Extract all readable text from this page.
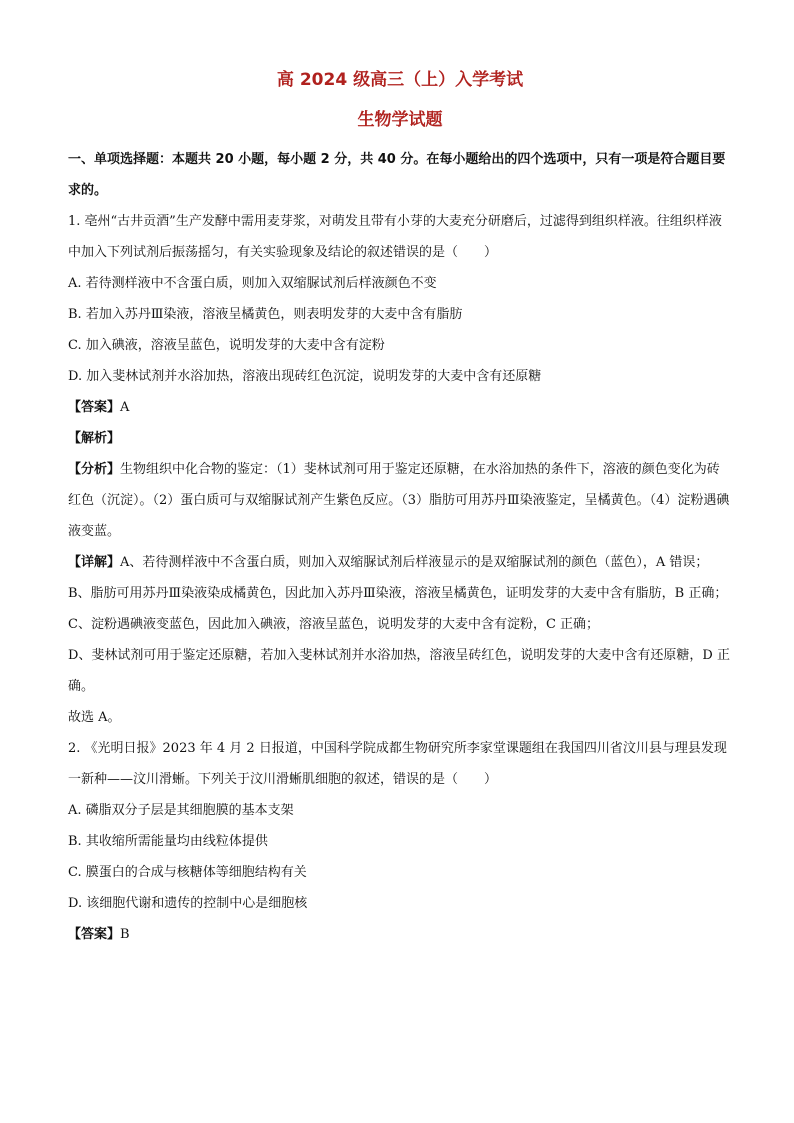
高 2024 级高三（上）入学考试
生物学试题

一、单项选择题：本题共 20 小题，每小题 2 分，共 40 分。在每小题给出的四个选项中，只有一项是符合题目要求的。

1. 亳州“古井贡酒”生产发酵中需用麦芽浆，对萌发且带有小芽的大麦充分研磨后，过滤得到组织样液。往组织样液中加入下列试剂后振荡摇匀，有关实验现象及结论的叙述错误的是（　　）

A. 若待测样液中不含蛋白质，则加入双缩脲试剂后样液颜色不变

B. 若加入苏丹Ⅲ染液，溶液呈橘黄色，则表明发芽的大麦中含有脂肪

C. 加入碘液，溶液呈蓝色，说明发芽的大麦中含有淀粉

D. 加入斐林试剂并水浴加热，溶液出现砖红色沉淀，说明发芽的大麦中含有还原糖

【答案】A

【解析】

【分析】生物组织中化合物的鉴定：（1）斐林试剂可用于鉴定还原糖，在水浴加热的条件下，溶液的颜色变化为砖红色（沉淀）。（2）蛋白质可与双缩脲试剂产生紫色反应。（3）脂肪可用苏丹Ⅲ染液鉴定，呈橘黄色。（4）淀粉遇碘液变蓝。

【详解】A、若待测样液中不含蛋白质，则加入双缩脲试剂后样液显示的是双缩脲试剂的颜色（蓝色），A 错误；

B、脂肪可用苏丹Ⅲ染液染成橘黄色，因此加入苏丹Ⅲ染液，溶液呈橘黄色，证明发芽的大麦中含有脂肪，B 正确；

C、淀粉遇碘液变蓝色，因此加入碘液，溶液呈蓝色，说明发芽的大麦中含有淀粉，C 正确；

D、斐林试剂可用于鉴定还原糖，若加入斐林试剂并水浴加热，溶液呈砖红色，说明发芽的大麦中含有还原糖，D 正确。

故选 A。

2. 《光明日报》2023 年 4 月 2 日报道，中国科学院成都生物研究所李家堂课题组在我国四川省汶川县与理县发现一新种——汶川滑蜥。下列关于汶川滑蜥肌细胞的叙述，错误的是（　　）

A. 磷脂双分子层是其细胞膜的基本支架

B. 其收缩所需能量均由线粒体提供

C. 膜蛋白的合成与核糖体等细胞结构有关

D. 该细胞代谢和遗传的控制中心是细胞核

【答案】B
